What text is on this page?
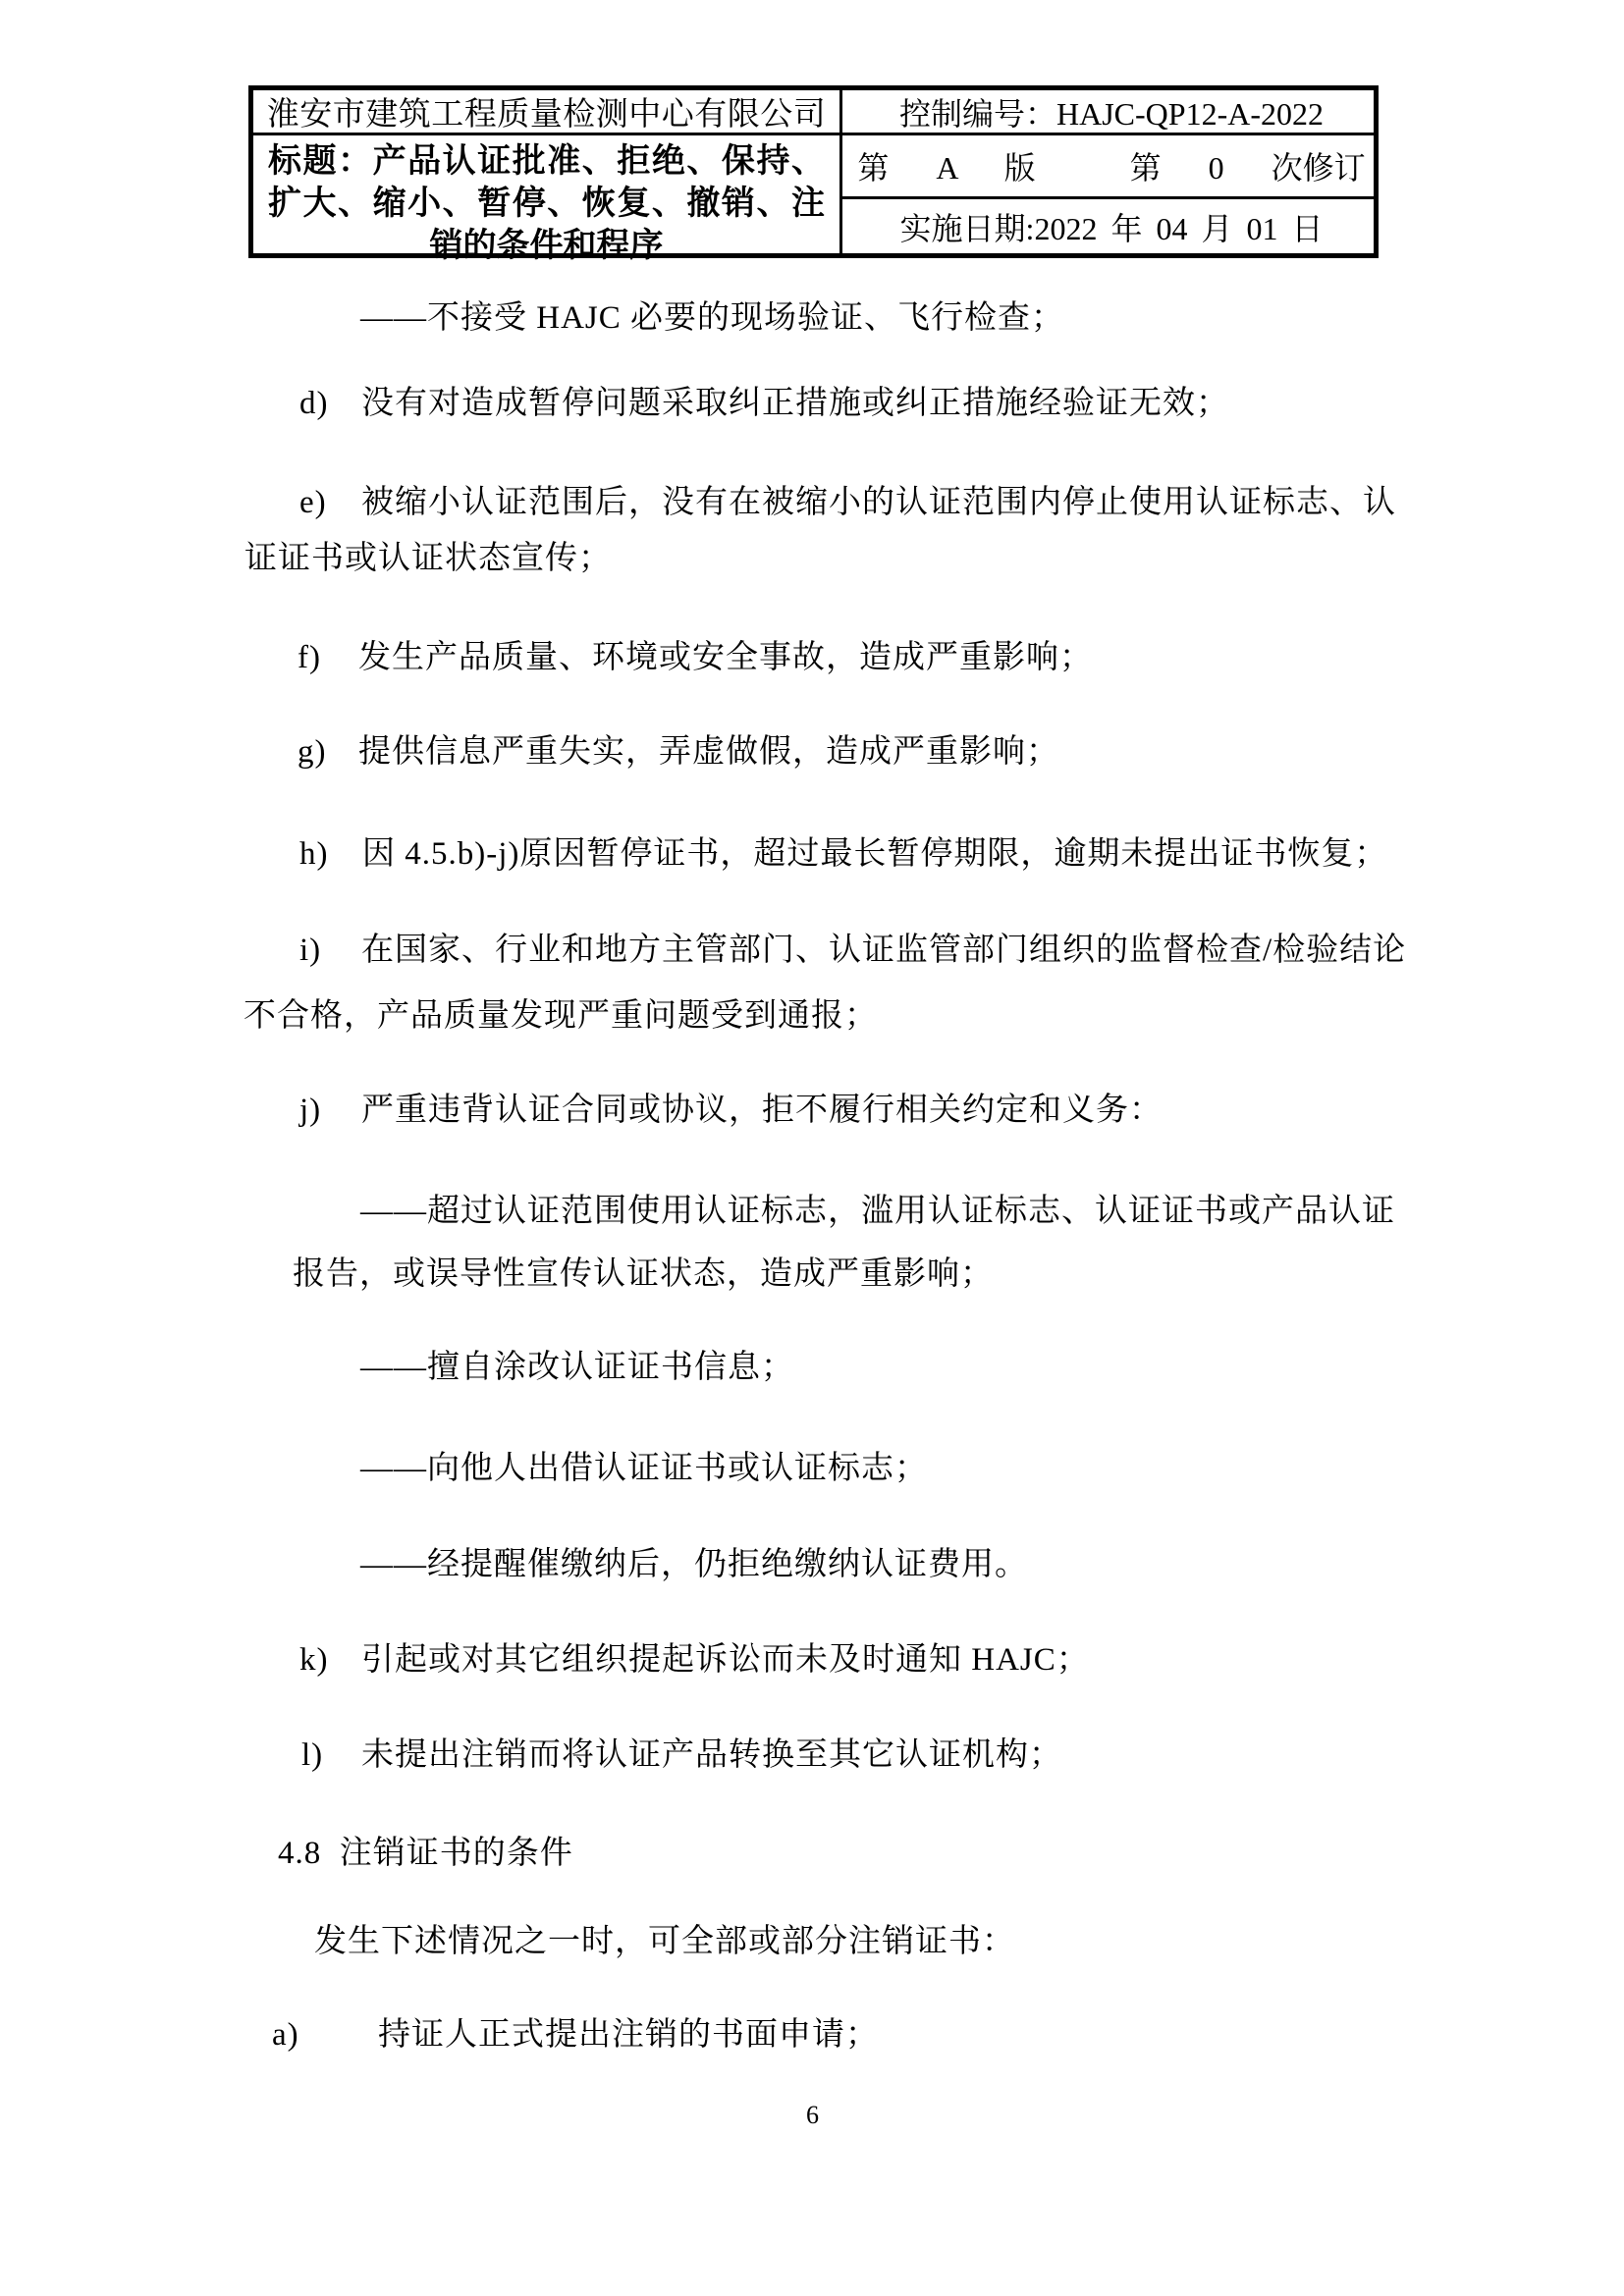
淮安市建筑工程质量检测中心有限公司
标题：产品认证批准、拒绝、保持、扩大、缩小、暂停、恢复、撤销、注销的条件和程序
控制编号：HAJC-QP12-A-2022
第 A 版  第 0 次修订
实施日期:2022 年 04 月 01 日
——不接受 HAJC 必要的现场验证、飞行检查；
d) 没有对造成暂停问题采取纠正措施或纠正措施经验证无效；
e) 被缩小认证范围后，没有在被缩小的认证范围内停止使用认证标志、认
证证书或认证状态宣传；
f) 发生产品质量、环境或安全事故，造成严重影响；
g) 提供信息严重失实，弄虚做假，造成严重影响；
h) 因 4.5.b)-j)原因暂停证书，超过最长暂停期限，逾期未提出证书恢复；
i) 在国家、行业和地方主管部门、认证监管部门组织的监督检查/检验结论
不合格，产品质量发现严重问题受到通报；
j) 严重违背认证合同或协议，拒不履行相关约定和义务：
——超过认证范围使用认证标志，滥用认证标志、认证证书或产品认证
报告，或误导性宣传认证状态，造成严重影响；
——擅自涂改认证证书信息；
——向他人出借认证证书或认证标志；
——经提醒催缴纳后，仍拒绝缴纳认证费用。
k) 引起或对其它组织提起诉讼而未及时通知 HAJC；
l) 未提出注销而将认证产品转换至其它认证机构；
4.8  注销证书的条件
发生下述情况之一时，可全部或部分注销证书：
a) 持证人正式提出注销的书面申请；
6
